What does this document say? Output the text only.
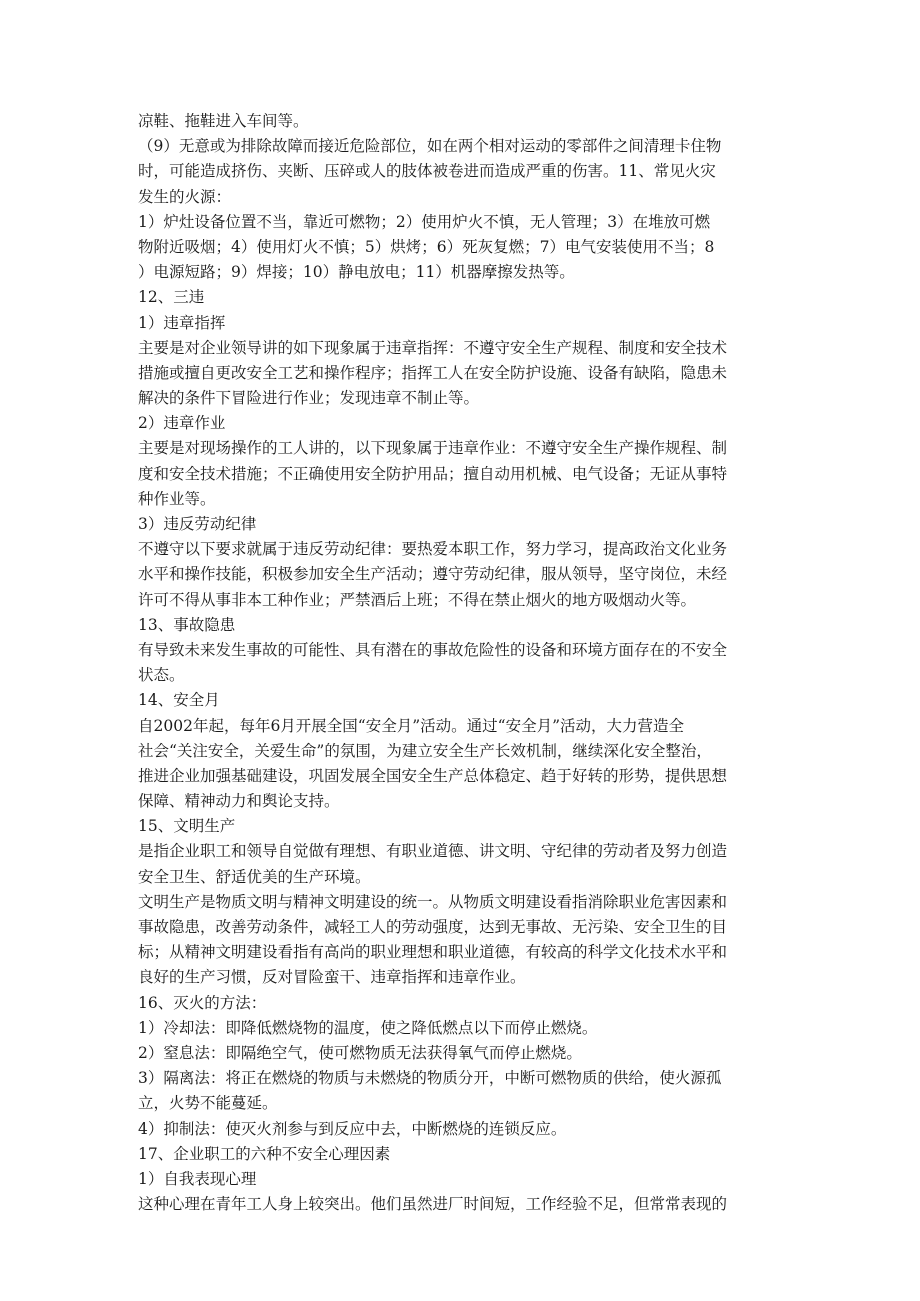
凉鞋、拖鞋进入车间等。
（9）无意或为排除故障而接近危险部位，如在两个相对运动的零部件之间清理卡住物
时，可能造成挤伤、夹断、压碎或人的肢体被卷进而造成严重的伤害。11、常见火灾
发生的火源：
1）炉灶设备位置不当，靠近可燃物；2）使用炉火不慎，无人管理；3）在堆放可燃
物附近吸烟；4）使用灯火不慎；5）烘烤；6）死灰复燃；7）电气安装使用不当；8
）电源短路；9）焊接；10）静电放电；11）机器摩擦发热等。
12、三违
1）违章指挥
主要是对企业领导讲的如下现象属于违章指挥：不遵守安全生产规程、制度和安全技术
措施或擅自更改安全工艺和操作程序；指挥工人在安全防护设施、设备有缺陷，隐患未
解决的条件下冒险进行作业；发现违章不制止等。
2）违章作业
主要是对现场操作的工人讲的，以下现象属于违章作业：不遵守安全生产操作规程、制
度和安全技术措施；不正确使用安全防护用品；擅自动用机械、电气设备；无证从事特
种作业等。
3）违反劳动纪律
不遵守以下要求就属于违反劳动纪律：要热爱本职工作，努力学习，提高政治文化业务
水平和操作技能，积极参加安全生产活动；遵守劳动纪律，服从领导，坚守岗位，未经
许可不得从事非本工种作业；严禁酒后上班；不得在禁止烟火的地方吸烟动火等。
13、事故隐患
有导致未来发生事故的可能性、具有潜在的事故危险性的设备和环境方面存在的不安全
状态。
14、安全月
自2002年起，每年6月开展全国“安全月”活动。通过“安全月”活动，大力营造全
社会“关注安全，关爱生命”的氛围，为建立安全生产长效机制，继续深化安全整治，
推进企业加强基础建设，巩固发展全国安全生产总体稳定、趋于好转的形势，提供思想
保障、精神动力和舆论支持。
15、文明生产
是指企业职工和领导自觉做有理想、有职业道德、讲文明、守纪律的劳动者及努力创造
安全卫生、舒适优美的生产环境。
文明生产是物质文明与精神文明建设的统一。从物质文明建设看指消除职业危害因素和
事故隐患，改善劳动条件，减轻工人的劳动强度，达到无事故、无污染、安全卫生的目
标；从精神文明建设看指有高尚的职业理想和职业道德，有较高的科学文化技术水平和
良好的生产习惯，反对冒险蛮干、违章指挥和违章作业。
16、灭火的方法：
1）冷却法：即降低燃烧物的温度，使之降低燃点以下而停止燃烧。
2）窒息法：即隔绝空气，使可燃物质无法获得氧气而停止燃烧。
3）隔离法：将正在燃烧的物质与未燃烧的物质分开，中断可燃物质的供给，使火源孤
立，火势不能蔓延。
4）抑制法：使灭火剂参与到反应中去，中断燃烧的连锁反应。
17、企业职工的六种不安全心理因素
1）自我表现心理
这种心理在青年工人身上较突出。他们虽然进厂时间短，工作经验不足，但常常表现的
